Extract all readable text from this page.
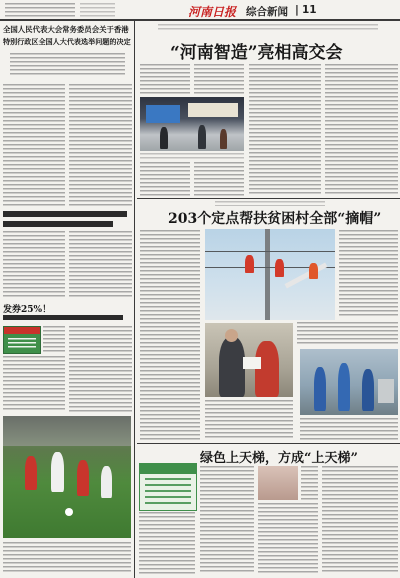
河南日报 综合新闻 | 11
全国人民代表大会常务委员会关于香港
特别行政区全国人大代表选举问题的决定
发券25%！
“河南智造”亮相高交会
203个定点帮扶贫困村全部“摘帽”
绿色上天梯，方成“上天梯”
